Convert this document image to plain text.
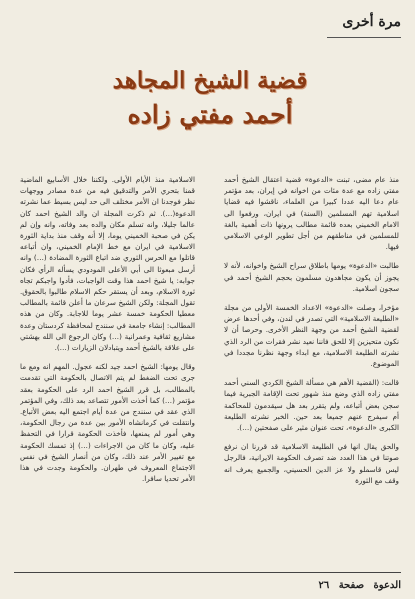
مرة أخرى
قضية الشيخ المجاهد
أحمد مفتي زاده

منذ عام مضى، تبنت «الدعوة» قضية اعتقال الشيخ أحمد مفتي زاده مع عدة مئات من اخوانه في إيران، بعد مؤتمر عام دعا اليه عددا كبيرا من العلماء، ناقشوا فيه قضايا اسلامية تهم المسلمين (السنة) في ايران، ورفعوا الى الامام الخميني بعده قائمة مطالب يرونها ذات أهمية بالغة للمسلمين في مناطقهم من أجل تطوير الوعي الاسلامي فيها.

طالبت «الدعوة» يومها باطلاق سراح الشيخ واخوانه، لأنه لا يجوز أن يكون مجاهدون مسلمون بحجم الشيخ أحمد في سجون اسلامية.

مؤخرا، وصلت «الدعوة» الاعداد الخمسة الأولى من مجلة «الطليعة الاسلامية» التي تصدر في لندن، وفي أحدها عرض لقضية الشيخ أحمد من وجهة النظر الأخرى. وحرصا أن لا نكون متحيزين إلا للحق فاننا نعيد نشر فقرات من الرد الذي نشرته الطليعة الاسلامية، مع ابداء وجهة نظرنا مجددا في الموضوع.

قالت: (القضية الأهم هي مسألة الشيخ الكردي السني أحمد مفتي زاده الذي وضع منذ شهور تحت الإقامة الجبرية فيما سجن بعض أتباعه، ولم يتقرر بعد هل سيقدمون للمحاكمة أم سيفرج عنهم جميعا بعد حين. الخبر نشرته الطليعة الكبرى «الدعوة»، تحت عنوان مثير على صفحتين (…).

والحق يقال انها في الطليعة الاسلامية قد قررنا ان نرفع صوتنا في هذا العدد ضد تصرف الحكومة الايرانية، فالرجل ليس قاسملو ولا عز الدين الحسيني، والجميع يعرف انه وقف مع الثورة

الاسلامية منذ الأيام الأولى. ولكننا خلال الأسابيع الماضية قمنا بتحري الأمر والتدقيق فيه من عدة مصادر ووجهات نظر فوجدنا ان الأمر مختلف الى حد ليس بسيط عما نشرته الدعوة(…). ثم ذكرت المجلة ان والد الشيخ احمد كان عالما جليلا، وانه تسلم مكان والده بعد وفاته، وانه وإن لم يكن في صحبة الخميني يوما، إلا أنه وقف منذ بداية الثورة الاسلامية في ايران مع خط الإمام الخميني، وان أتباعه قاتلوا مع الحرس الثوري ضد اتباع الثورة المضادة (…) وانه أرسل مبعوثا الى أبي الأعلى المودودي يسأله الرأي فكان جوابه: يا شيخ احمد هذا وقت الواجبات، فأدوا واجبكم تجاه ثورة الاسلام، وبعد أن يستقر حكم الاسلام طالبوا بالحقوق. تقول المجلة: ولكن الشيخ سرعان ما أعلن قائمة بالمطالب معطيا الحكومة خمسة عشر يوما للاجابة. وكان من هذه المطالب: إنشاء جامعة في سنندج لمحافظة كردستان وعدة مشاريع ثقافية وعمرانية (…) وكان الرجوع الى الله بهشتي على علاقة بالشيخ أحمد ويتبادلان الزيارات (…).

وقال يومها: الشيخ احمد جيد لكنه عجول. المهم انه ومع ما جرى تحت الضغط لم يتم الاتصال بالحكومة التي تقدمت بالمطالب، بل قرر الشيخ احمد الرد على الحكومة بعقد مؤتمر (…) كما أخذت الأمور تتصاعد بعد ذلك، وفي المؤتمر الذي عقد في سنندج من عدة أيام اجتمع اليه بعض الأتباع. وانتقلت في كرمانشاه الأمور بين عدة من رجال الحكومة، وهي أمور لم يمنعها، فأخذت الحكومة قرارا في التحفظ عليه، وكان ما كان من الاجراءات (…) إذ تمسك الحكومة مع تغيير الأمر عند ذلك، وكان من أنصار الشيخ في نفس الاجتماع المعروف في طهران. والحكومة وجدت في هذا الأمر تحديا سافرا.

الدعوة صفحة ٢٦
